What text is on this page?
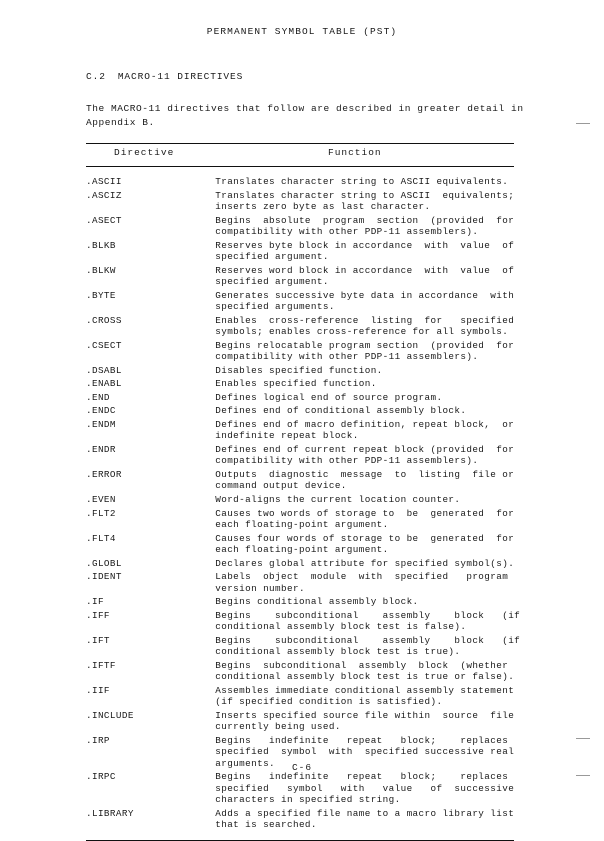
PERMANENT SYMBOL TABLE (PST)
C.2 MACRO-11 DIRECTIVES
The MACRO-11 directives that follow are described in greater detail in
Appendix B.
Directive	Function
.ASCII	Translates character string to ASCII equivalents.

.ASCIZ	Translates character string to ASCII  equivalents;
inserts zero byte as last character.

.ASECT	Begins  absolute  program  section  (provided  for
compatibility with other PDP-11 assemblers).

.BLKB	Reserves byte block in accordance  with  value  of
specified argument.

.BLKW	Reserves word block in accordance  with  value  of
specified argument.

.BYTE	Generates successive byte data in accordance  with
specified arguments.

.CROSS	Enables  cross-reference  listing  for   specified
symbols; enables cross-reference for all symbols.

.CSECT	Begins relocatable program section  (provided  for
compatibility with other PDP-11 assemblers).

.DSABL	Disables specified function.

.ENABL	Enables specified function.

.END	Defines logical end of source program.

.ENDC	Defines end of conditional assembly block.

.ENDM	Defines end of macro definition, repeat block,  or
indefinite repeat block.

.ENDR	Defines end of current repeat block (provided  for
compatibility with other PDP-11 assemblers).

.ERROR	Outputs  diagnostic  message  to  listing  file or
command output device.

.EVEN	Word-aligns the current location counter.

.FLT2	Causes two words of storage to  be  generated  for
each floating-point argument.

.FLT4	Causes four words of storage to be  generated  for
each floating-point argument.

.GLOBL	Declares global attribute for specified symbol(s).

.IDENT	Labels  object  module  with  specified   program
version number.

.IF	Begins conditional assembly block.

.IFF	Begins    subconditional    assembly    block   (if
conditional assembly block test is false).

.IFT	Begins    subconditional    assembly    block   (if
conditional assembly block test is true).

.IFTF	Begins  subconditional  assembly  block  (whether
conditional assembly block test is true or false).

.IIF	Assembles immediate conditional assembly statement
(if specified condition is satisfied).

.INCLUDE	Inserts specified source file within  source  file
currently being used.

.IRP	Begins   indefinite   repeat   block;    replaces
specified  symbol  with  specified successive real
arguments.

.IRPC	Begins   indefinite   repeat   block;    replaces
specified   symbol   with   value   of  successive
characters in specified string.

.LIBRARY	Adds a specified file name to a macro library list
that is searched.
C-6
